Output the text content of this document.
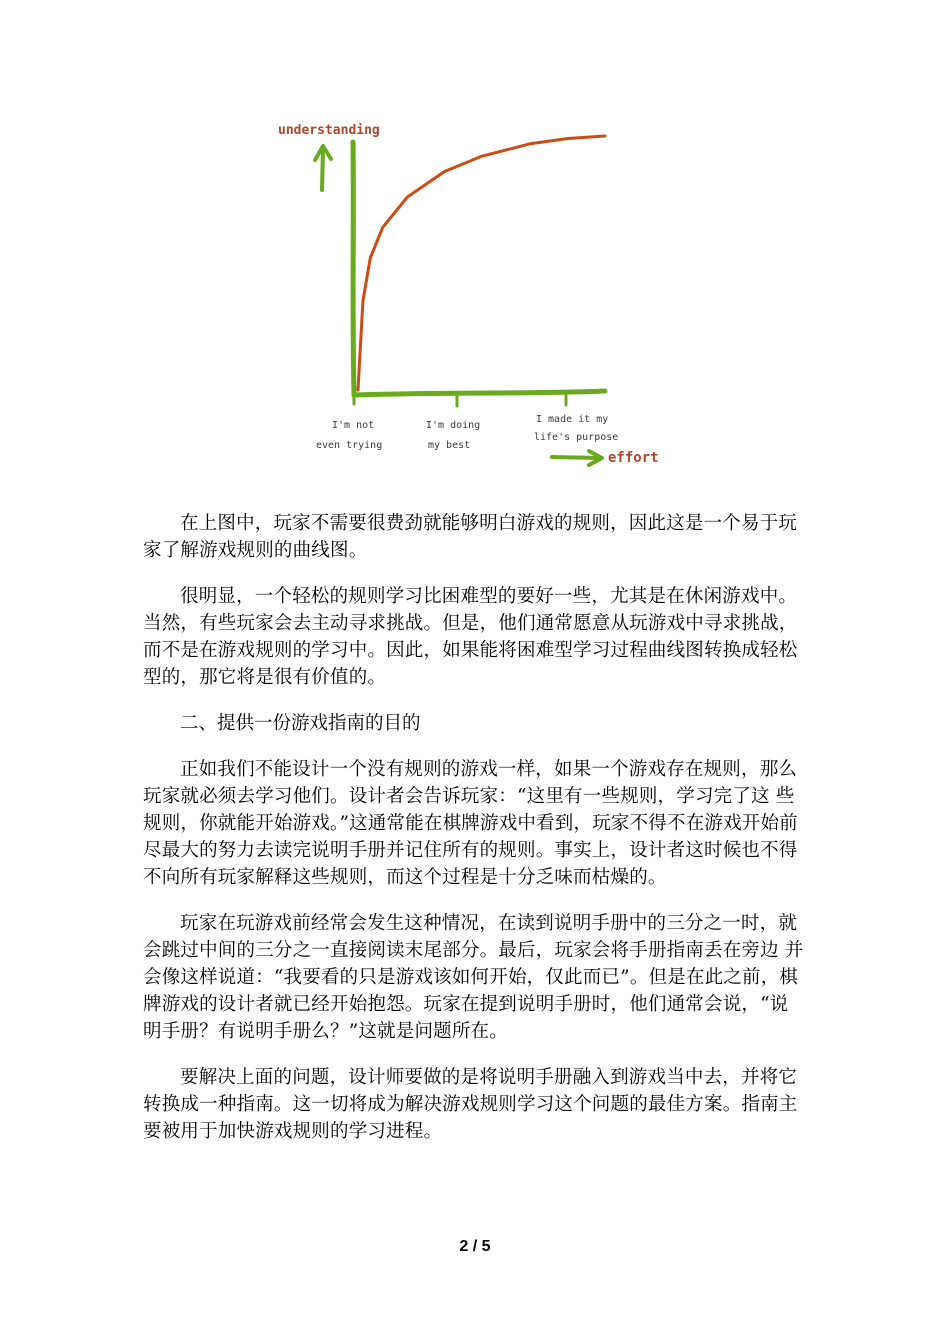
understanding
effort
I'm not
even trying
I'm doing
my best
I made it my
life's purpose

在上图中，玩家不需要很费劲就能够明白游戏的规则，因此这是一个易于玩家了解游戏规则的曲线图。

很明显，一个轻松的规则学习比困难型的要好一些，尤其是在休闲游戏中。当然，有些玩家会去主动寻求挑战。但是，他们通常愿意从玩游戏中寻求挑战，而不是在游戏规则的学习中。因此，如果能将困难型学习过程曲线图转换成轻松型的，那它将是很有价值的。

二、提供一份游戏指南的目的

正如我们不能设计一个没有规则的游戏一样，如果一个游戏存在规则，那么玩家就必须去学习他们。设计者会告诉玩家：“这里有一些规则，学习完了这 些规则，你就能开始游戏。”这通常能在棋牌游戏中看到，玩家不得不在游戏开始前尽最大的努力去读完说明手册并记住所有的规则。事实上，设计者这时候也不得 不向所有玩家解释这些规则，而这个过程是十分乏味而枯燥的。

玩家在玩游戏前经常会发生这种情况，在读到说明手册中的三分之一时，就会跳过中间的三分之一直接阅读末尾部分。最后，玩家会将手册指南丢在旁边 并会像这样说道：“我要看的只是游戏该如何开始，仅此而已”。但是在此之前，棋牌游戏的设计者就已经开始抱怨。玩家在提到说明手册时，他们通常会说，“说 明手册？有说明手册么？”这就是问题所在。

要解决上面的问题，设计师要做的是将说明手册融入到游戏当中去，并将它转换成一种指南。这一切将成为解决游戏规则学习这个问题的最佳方案。指南主要被用于加快游戏规则的学习进程。

2 / 5
